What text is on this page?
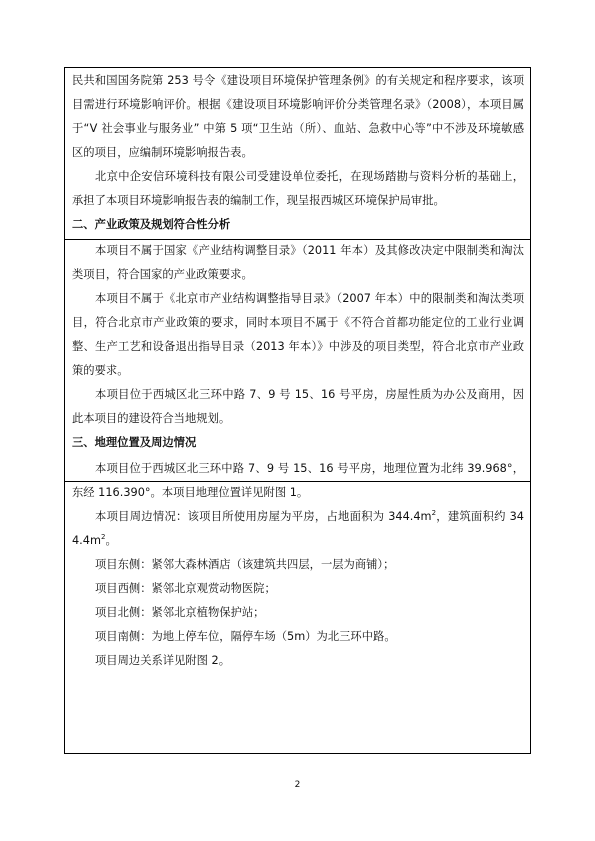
民共和国国务院第 253 号令《建设项目环境保护管理条例》的有关规定和程序要求，该项目需进行环境影响评价。根据《建设项目环境影响评价分类管理名录》（2008），本项目属于“Ⅴ 社会事业与服务业” 中第 5 项“卫生站（所）、血站、急救中心等”中不涉及环境敏感区的项目，应编制环境影响报告表。

北京中企安信环境科技有限公司受建设单位委托，在现场踏勘与资料分析的基础上，承担了本项目环境影响报告表的编制工作，现呈报西城区环境保护局审批。

二、产业政策及规划符合性分析

本项目不属于国家《产业结构调整目录》（2011 年本）及其修改决定中限制类和淘汰类项目，符合国家的产业政策要求。

本项目不属于《北京市产业结构调整指导目录》（2007 年本）中的限制类和淘汰类项目，符合北京市产业政策的要求，同时本项目不属于《不符合首都功能定位的工业行业调整、生产工艺和设备退出指导目录（2013 年本）》中涉及的项目类型，符合北京市产业政策的要求。

本项目位于西城区北三环中路 7、9 号 15、16 号平房，房屋性质为办公及商用，因此本项目的建设符合当地规划。

三、地理位置及周边情况

本项目位于西城区北三环中路 7、9 号 15、16 号平房，地理位置为北纬 39.968°，东经 116.390°。本项目地理位置详见附图 1。

本项目周边情况：该项目所使用房屋为平房，占地面积为 $344.4m^2$，建筑面积约 $344.4m^2$。

项目东侧：紧邻大森林酒店（该建筑共四层，一层为商铺）；

项目西侧：紧邻北京观赏动物医院；

项目北侧：紧邻北京植物保护站；

项目南侧：为地上停车位，隔停车场（5m）为北三环中路。

项目周边关系详见附图 2。

2
